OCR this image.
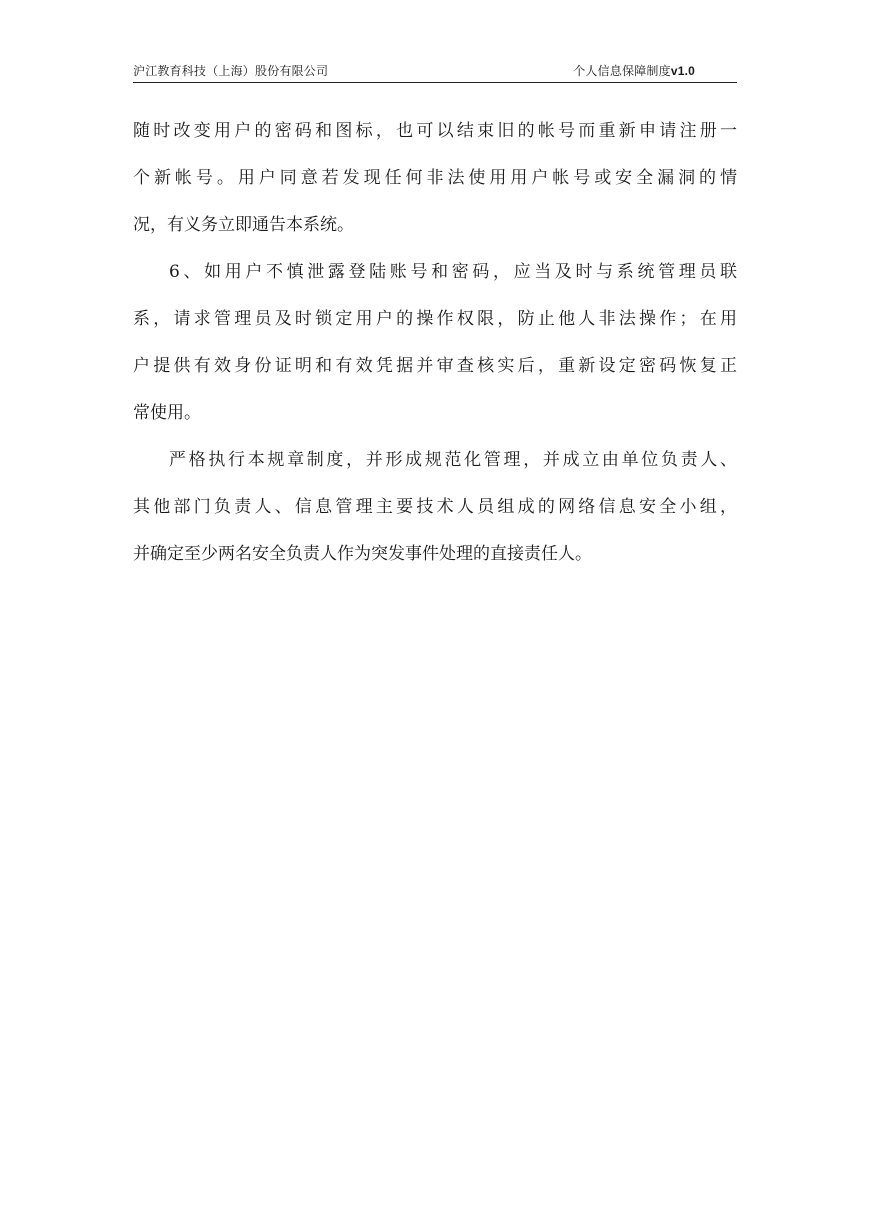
沪江教育科技（上海）股份有限公司	个人信息保障制度v1.0
随时改变用户的密码和图标，也可以结束旧的帐号而重新申请注册一
个新帐号。用户同意若发现任何非法使用用户帐号或安全漏洞的情
况，有义务立即通告本系统。
6、如用户不慎泄露登陆账号和密码，应当及时与系统管理员联
系，请求管理员及时锁定用户的操作权限，防止他人非法操作；在用
户提供有效身份证明和有效凭据并审查核实后，重新设定密码恢复正
常使用。
严格执行本规章制度，并形成规范化管理，并成立由单位负责人、
其他部门负责人、信息管理主要技术人员组成的网络信息安全小组，
并确定至少两名安全负责人作为突发事件处理的直接责任人。
